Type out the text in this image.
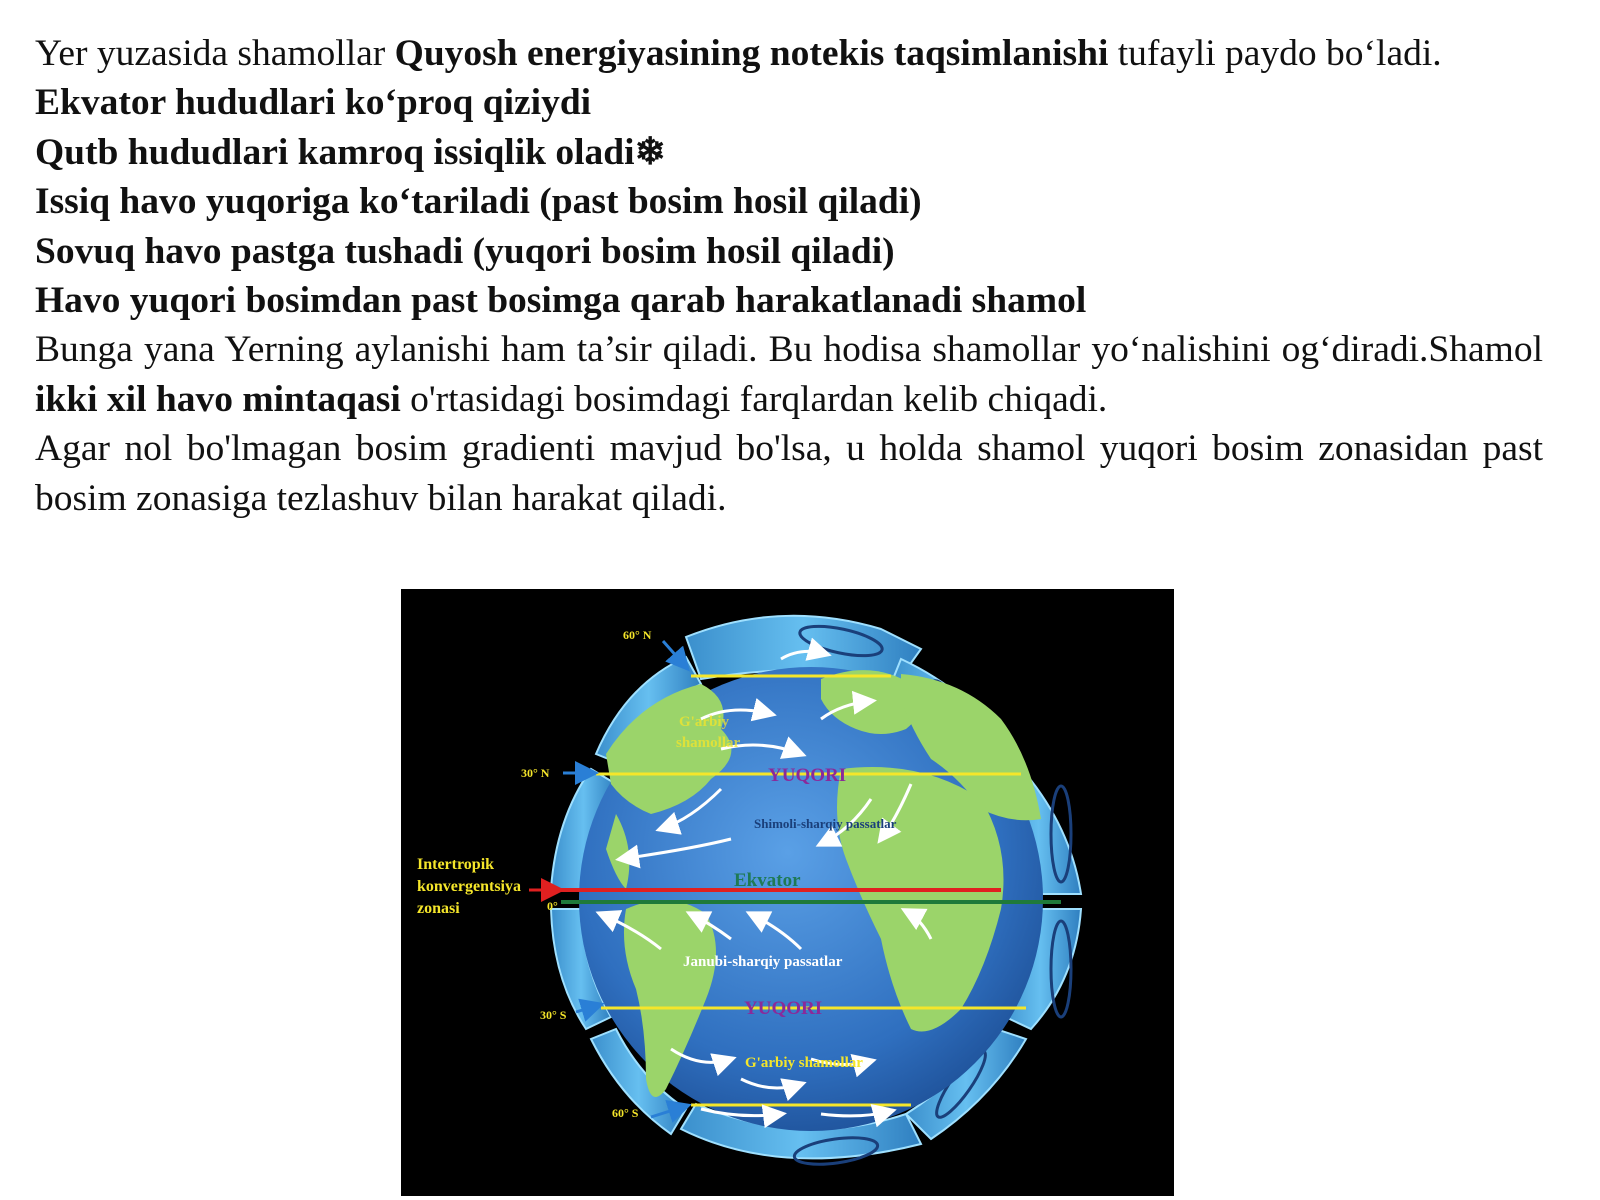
Yer yuzasida shamollar Quyosh energiyasining notekis taqsimlanishi tufayli paydo bo‘ladi.

Ekvator hududlari ko‘proq qiziydi

Qutb hududlari kamroq issiqlik oladi❄

Issiq havo yuqoriga ko‘tariladi (past bosim hosil qiladi)

Sovuq havo pastga tushadi (yuqori bosim hosil qiladi)

Havo yuqori bosimdan past bosimga qarab harakatlanadi shamol

Bunga yana Yerning aylanishi ham ta’sir qiladi. Bu hodisa shamollar yo‘nalishini og‘diradi.Shamol ikki xil havo mintaqasi o'rtasidagi bosimdagi farqlardan kelib chiqadi.

Agar nol bo'lmagan bosim gradienti mavjud bo'lsa, u holda shamol yuqori bosim zonasidan past bosim zonasiga tezlashuv bilan harakat qiladi.

60° N
30° N
0°
30° S
60° S
Intertropik
konvergentsiya
zonasi
G'arbiy
shamollar
YUQORI
Shimoli-sharqiy passatlar
Ekvator
Janubi-sharqiy passatlar
YUQORI
G'arbiy shamollar
